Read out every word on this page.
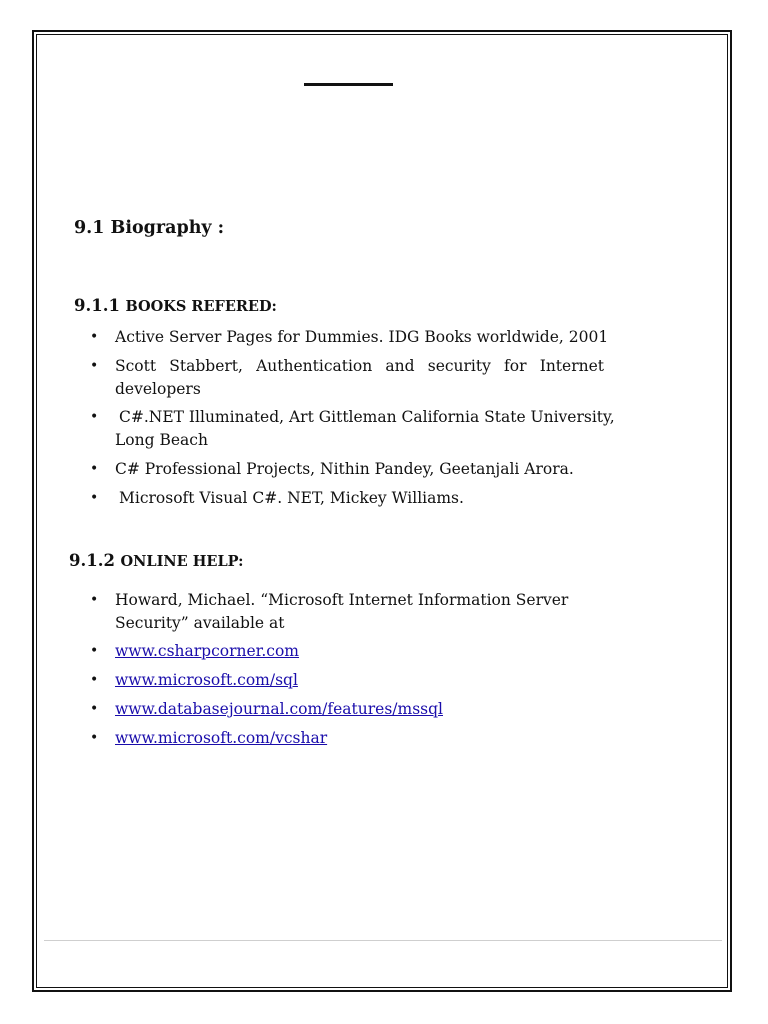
9.1 Biography :
9.1.1 BOOKS REFERED:
• Active Server Pages for Dummies. IDG Books worldwide, 2001
• Scott Stabbert, Authentication and security for Internet
developers
• C#.NET Illuminated, Art Gittleman California State University,
Long Beach
• C# Professional Projects, Nithin Pandey, Geetanjali Arora.
• Microsoft Visual C#. NET, Mickey Williams.
9.1.2 ONLINE HELP:
• Howard, Michael. “Microsoft Internet Information Server
Security” available at
• www.csharpcorner.com
• www.microsoft.com/sql
• www.databasejournal.com/features/mssql
• www.microsoft.com/vcshar
